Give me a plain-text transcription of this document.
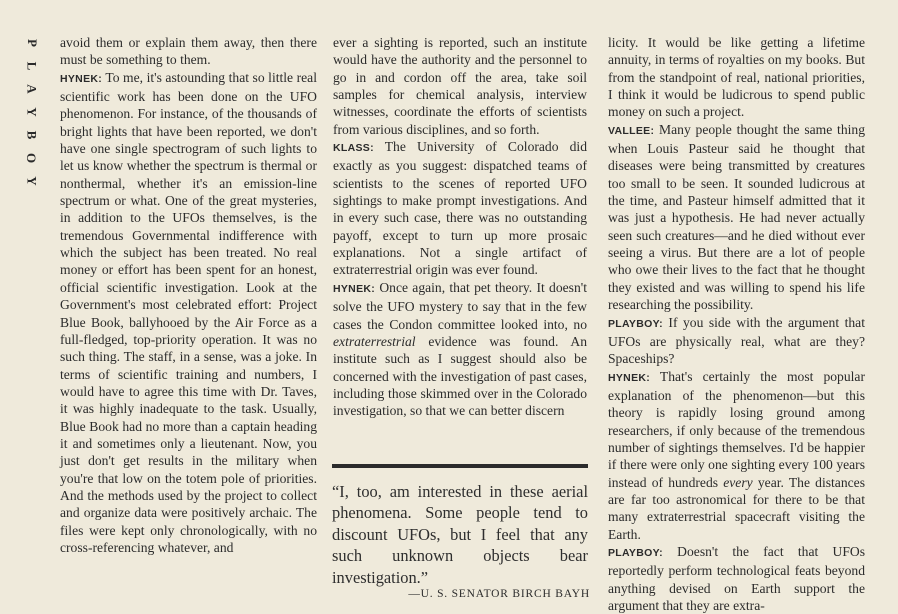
P
L
A
Y
B
O
Y

avoid them or explain them away, then there must be something to them.

HYNEK: To me, it's astounding that so little real scientific work has been done on the UFO phenomenon. For instance, of the thousands of bright lights that have been reported, we don't have one single spectrogram of such lights to let us know whether the spectrum is thermal or nonthermal, whether it's an emission-line spectrum or what. One of the great mysteries, in addition to the UFOs themselves, is the tremendous Governmental indifference with which the subject has been treated. No real money or effort has been spent for an honest, official scientific investigation. Look at the Government's most celebrated effort: Project Blue Book, ballyhooed by the Air Force as a full-fledged, top-priority operation. It was no such thing. The staff, in a sense, was a joke. In terms of scientific training and numbers, I would have to agree this time with Dr. Taves, it was highly inadequate to the task. Usually, Blue Book had no more than a captain heading it and sometimes only a lieutenant. Now, you just don't get results in the military when you're that low on the totem pole of priorities. And the methods used by the project to collect and organize data were positively archaic. The files were kept only chronologically, with no cross-referencing whatever, and

ever a sighting is reported, such an institute would have the authority and the personnel to go in and cordon off the area, take soil samples for chemical analysis, interview witnesses, coordinate the efforts of scientists from various disciplines, and so forth.

KLASS: The University of Colorado did exactly as you suggest: dispatched teams of scientists to the scenes of reported UFO sightings to make prompt investigations. And in every such case, there was no outstanding payoff, except to turn up more prosaic explanations. Not a single artifact of extraterrestrial origin was ever found.

HYNEK: Once again, that pet theory. It doesn't solve the UFO mystery to say that in the few cases the Condon committee looked into, no extraterrestrial evidence was found. An institute such as I suggest should also be concerned with the investigation of past cases, including those skimmed over in the Colorado investigation, so that we can better discern

“I, too, am interested in these aerial phenomena. Some people tend to discount UFOs, but I feel that any such unknown objects bear investigation.”

—U. S. SENATOR BIRCH BAYH

licity. It would be like getting a lifetime annuity, in terms of royalties on my books. But from the standpoint of real, national priorities, I think it would be ludicrous to spend public money on such a project.

VALLEE: Many people thought the same thing when Louis Pasteur said he thought that diseases were being transmitted by creatures too small to be seen. It sounded ludicrous at the time, and Pasteur himself admitted that it was just a hypothesis. He had never actually seen such creatures—and he died without ever seeing a virus. But there are a lot of people who owe their lives to the fact that he thought they existed and was willing to spend his life researching the possibility.

PLAYBOY: If you side with the argument that UFOs are physically real, what are they? Spaceships?

HYNEK: That's certainly the most popular explanation of the phenomenon—but this theory is rapidly losing ground among researchers, if only because of the tremendous number of sightings themselves. I'd be happier if there were only one sighting every 100 years instead of hundreds every year. The distances are far too astronomical for there to be that many extraterrestrial spacecraft visiting the Earth.

PLAYBOY: Doesn't the fact that UFOs reportedly perform technological feats beyond anything devised on Earth support the argument that they are extra-
